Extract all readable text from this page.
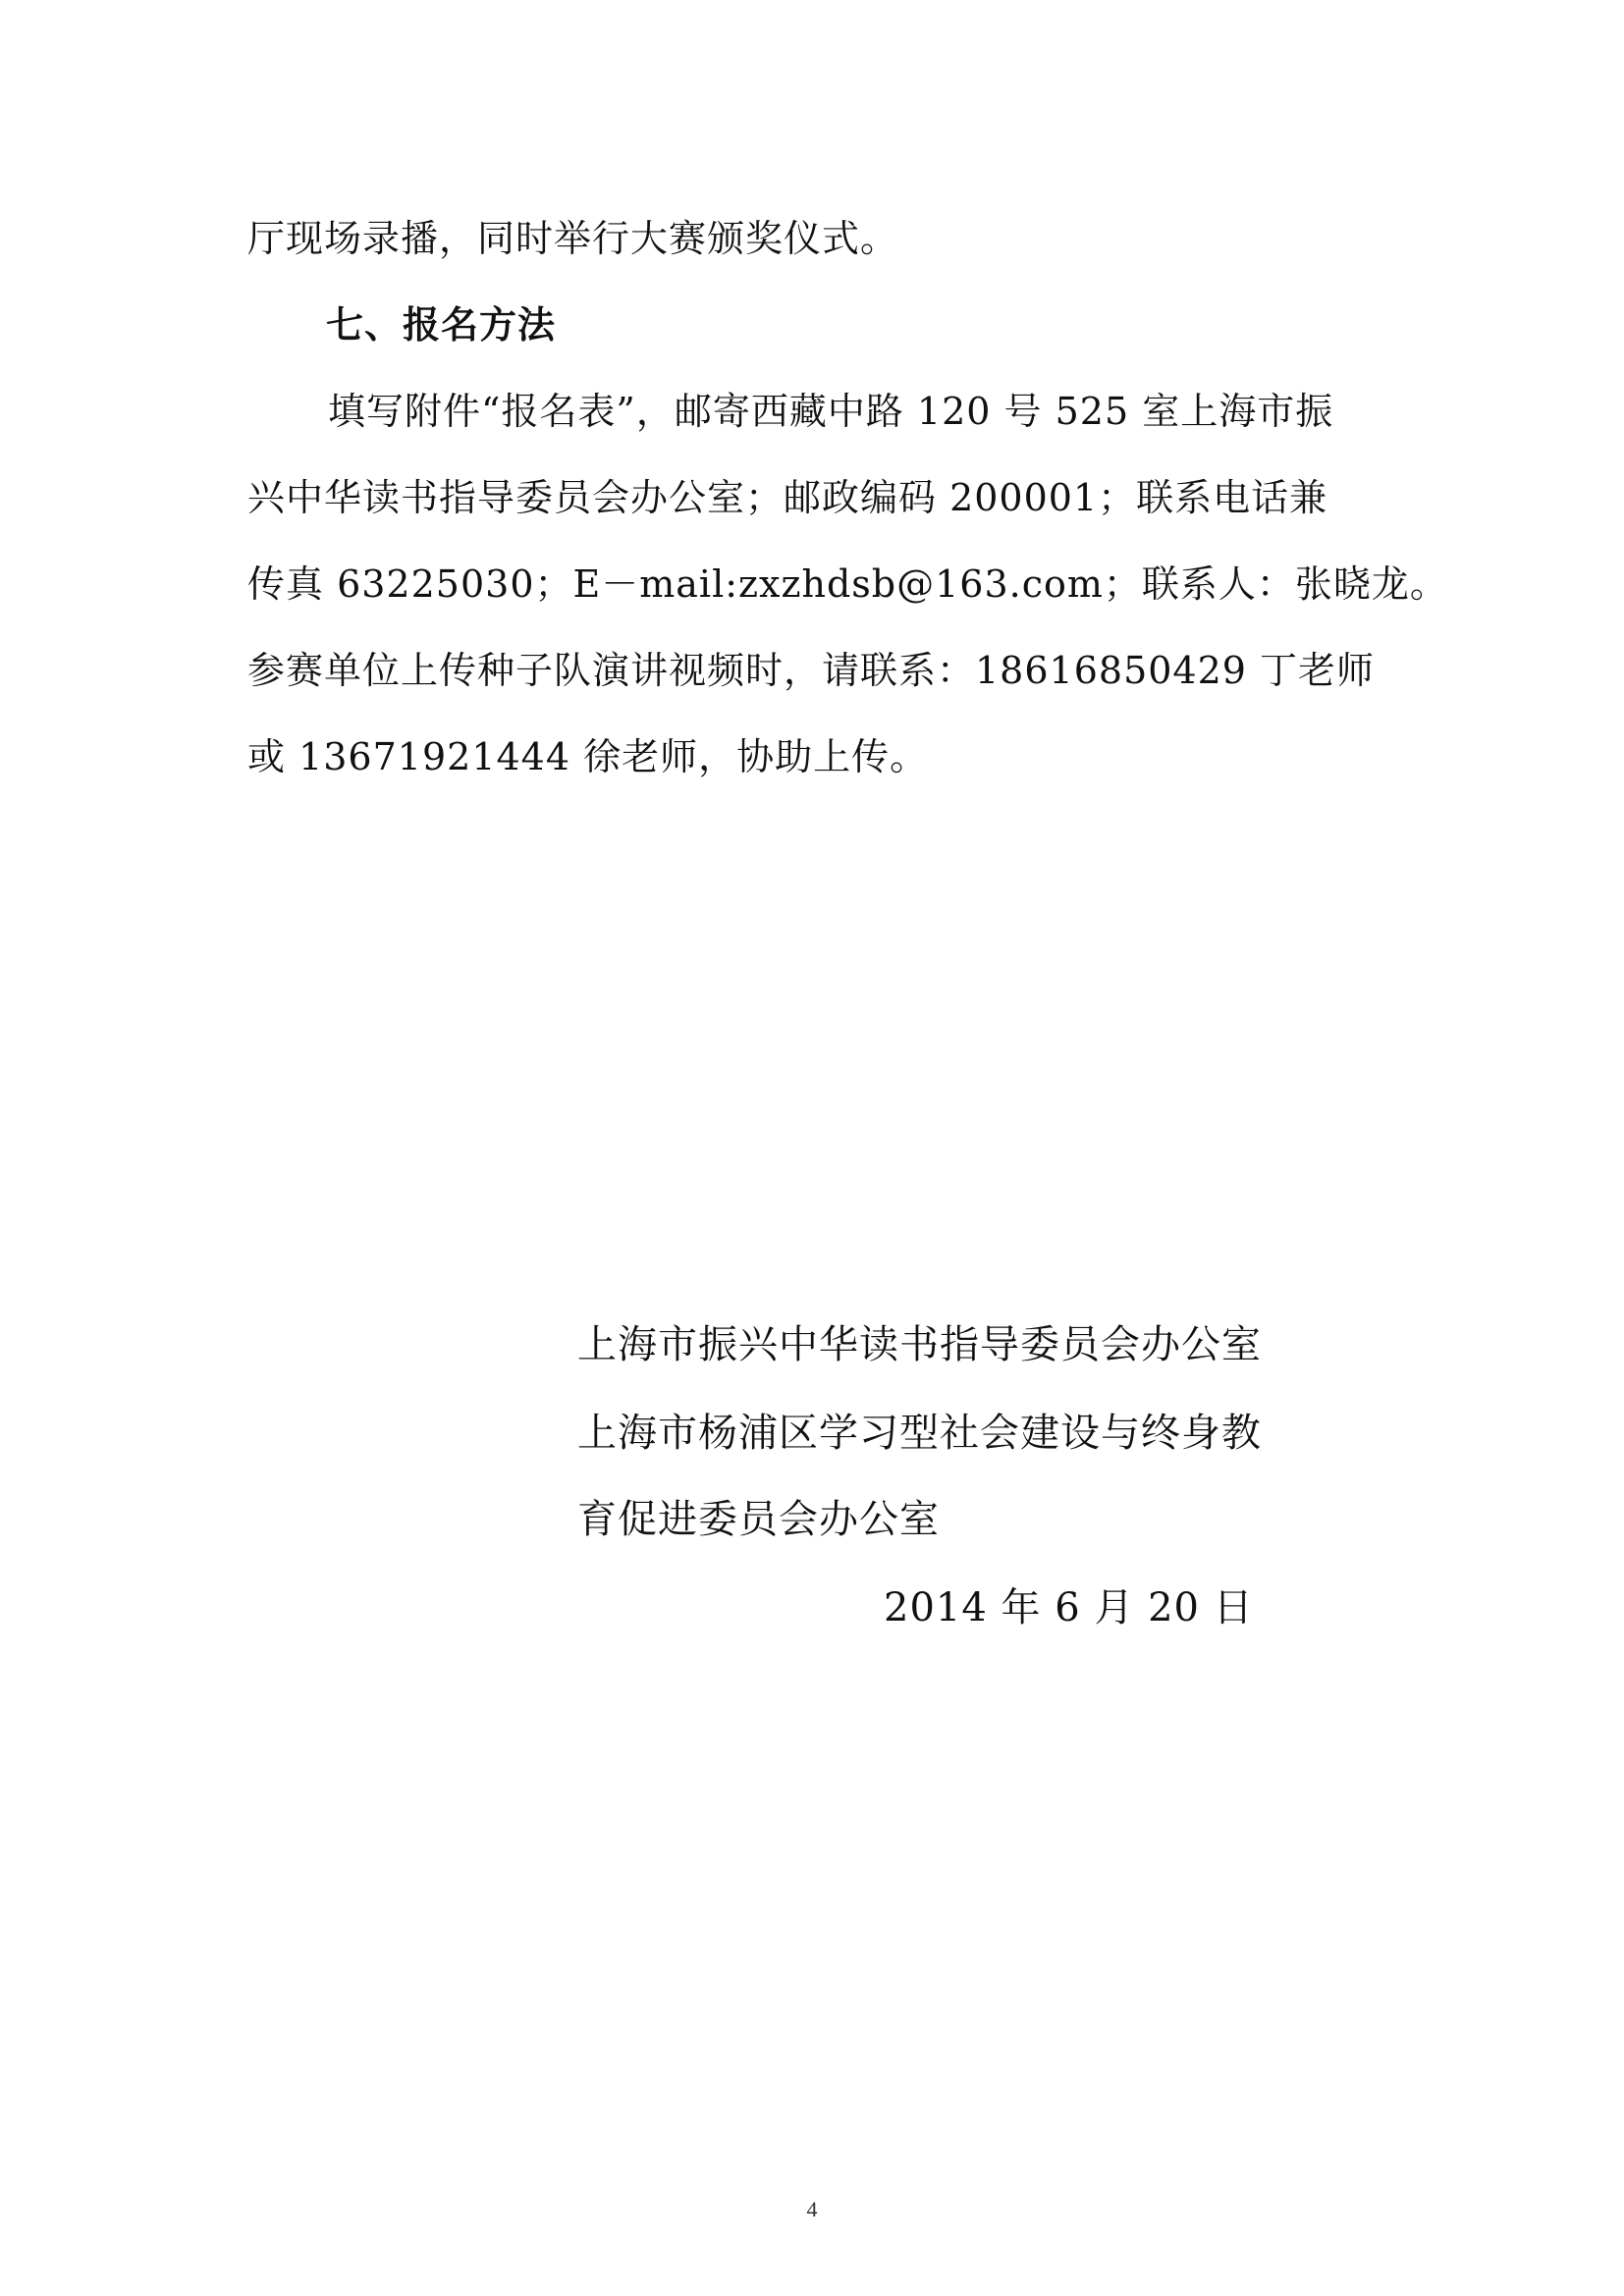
厅现场录播，同时举行大赛颁奖仪式。
七、报名方法
填写附件“报名表”，邮寄西藏中路 120 号 525 室上海市振
兴中华读书指导委员会办公室；邮政编码 200001；联系电话兼
传真 63225030；E－mail:zxzhdsb@163.com；联系人：张晓龙。
参赛单位上传种子队演讲视频时，请联系：18616850429 丁老师
或 13671921444 徐老师，协助上传。
上海市振兴中华读书指导委员会办公室
上海市杨浦区学习型社会建设与终身教
育促进委员会办公室
2014 年 6 月 20 日
4
